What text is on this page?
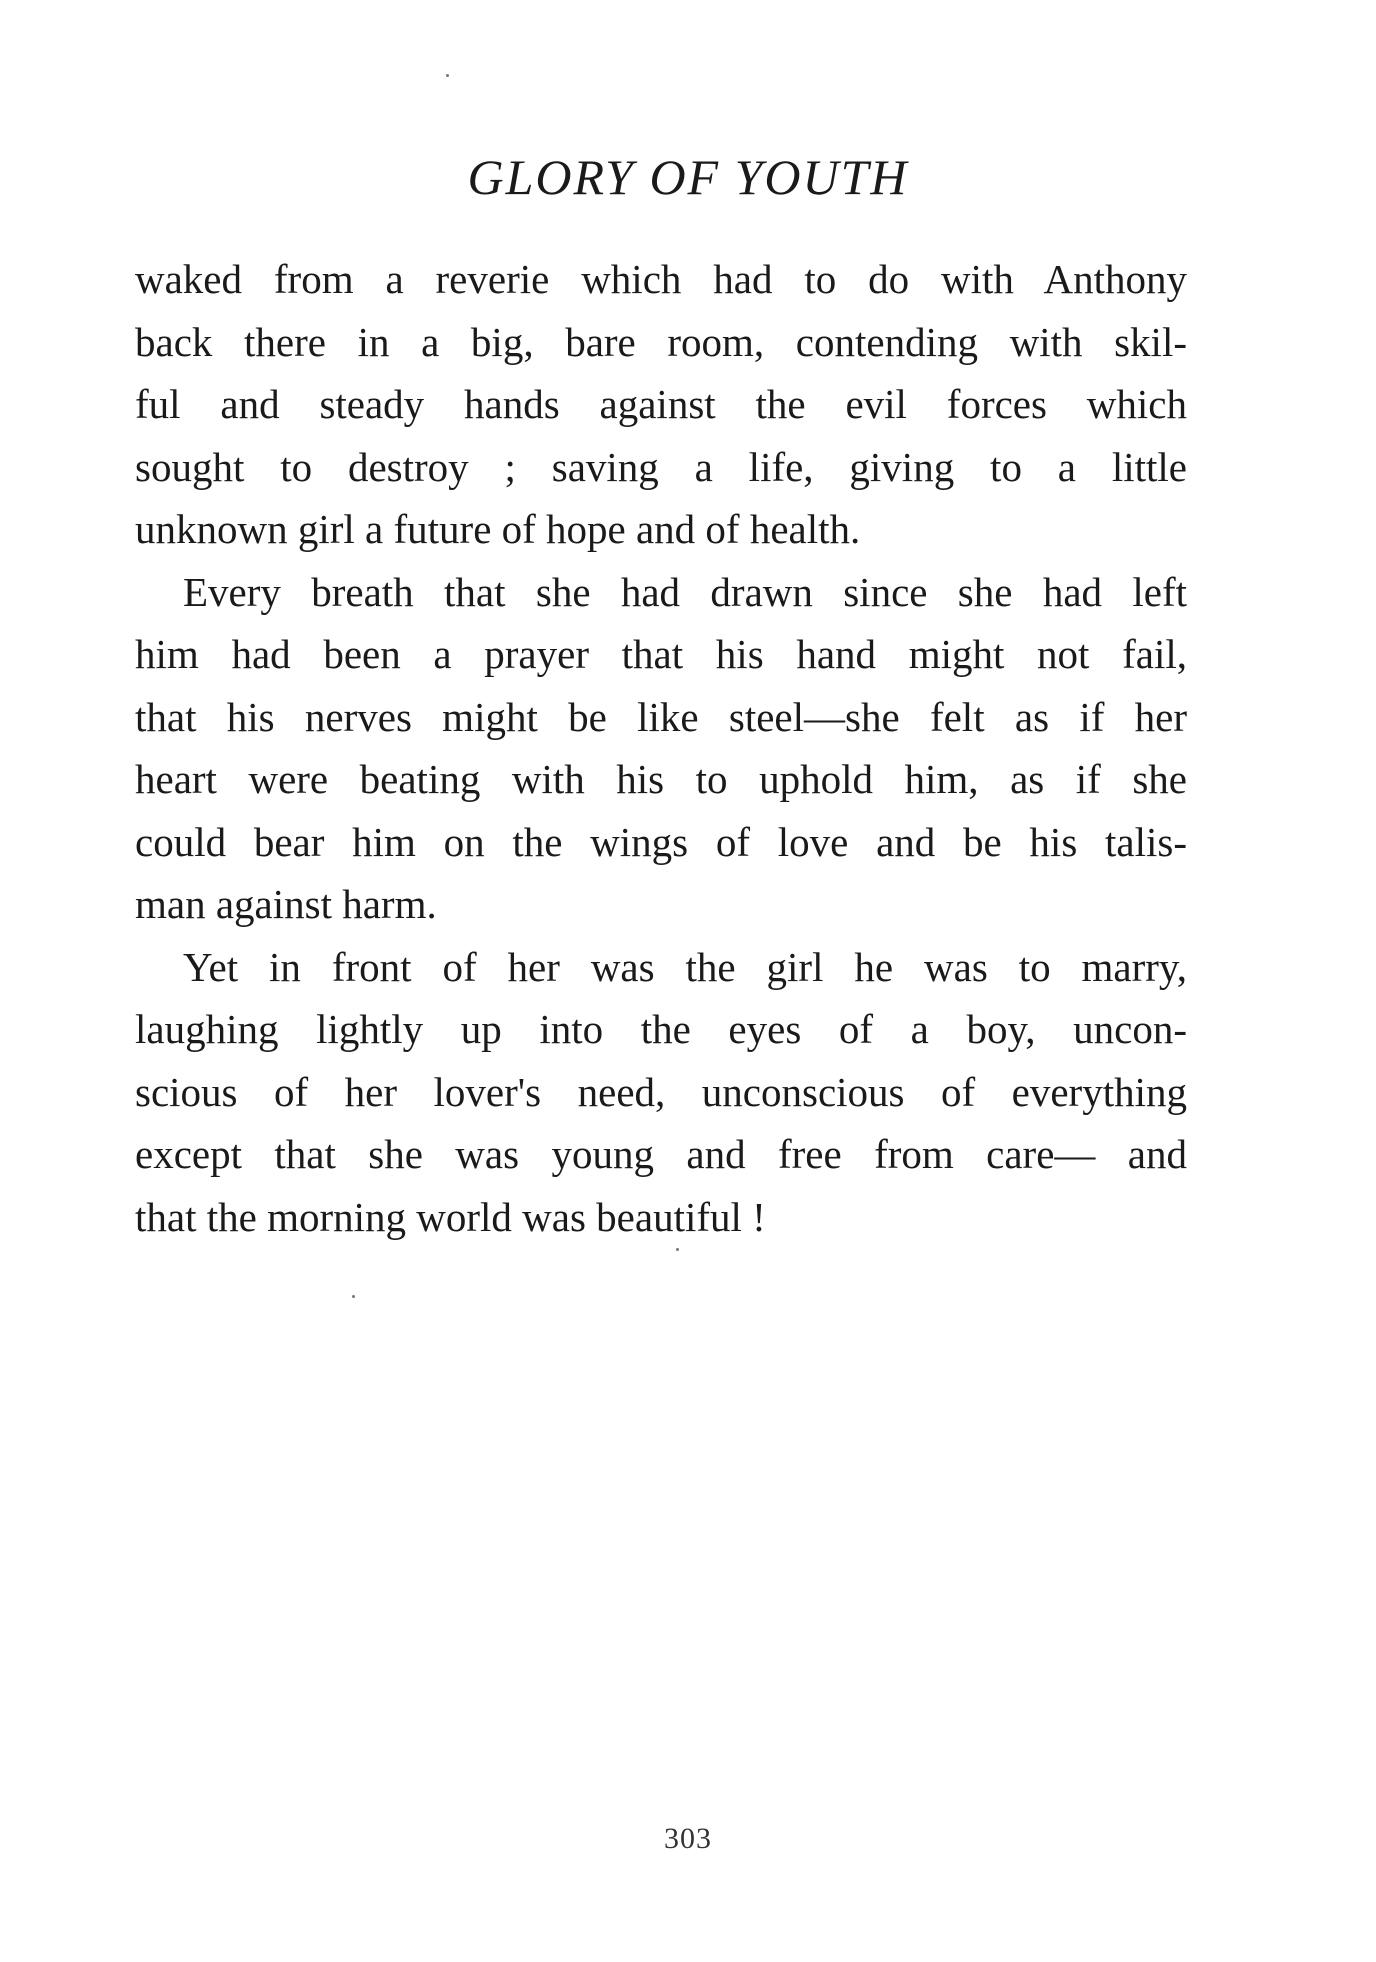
GLORY OF YOUTH
waked from a reverie which had to do with Anthony
back there in a big, bare room, contending with skil-
ful and steady hands against the evil forces which
sought to destroy ; saving a life, giving to a little
unknown girl a future of hope and of health.
Every breath that she had drawn since she had left
him had been a prayer that his hand might not fail,
that his nerves might be like steel—she felt as if her
heart were beating with his to uphold him, as if she
could bear him on the wings of love and be his talis-
man against harm.
Yet in front of her was the girl he was to marry,
laughing lightly up into the eyes of a boy, uncon-
scious of her lover's need, unconscious of everything
except that she was young and free from care— and
that the morning world was beautiful !
303
